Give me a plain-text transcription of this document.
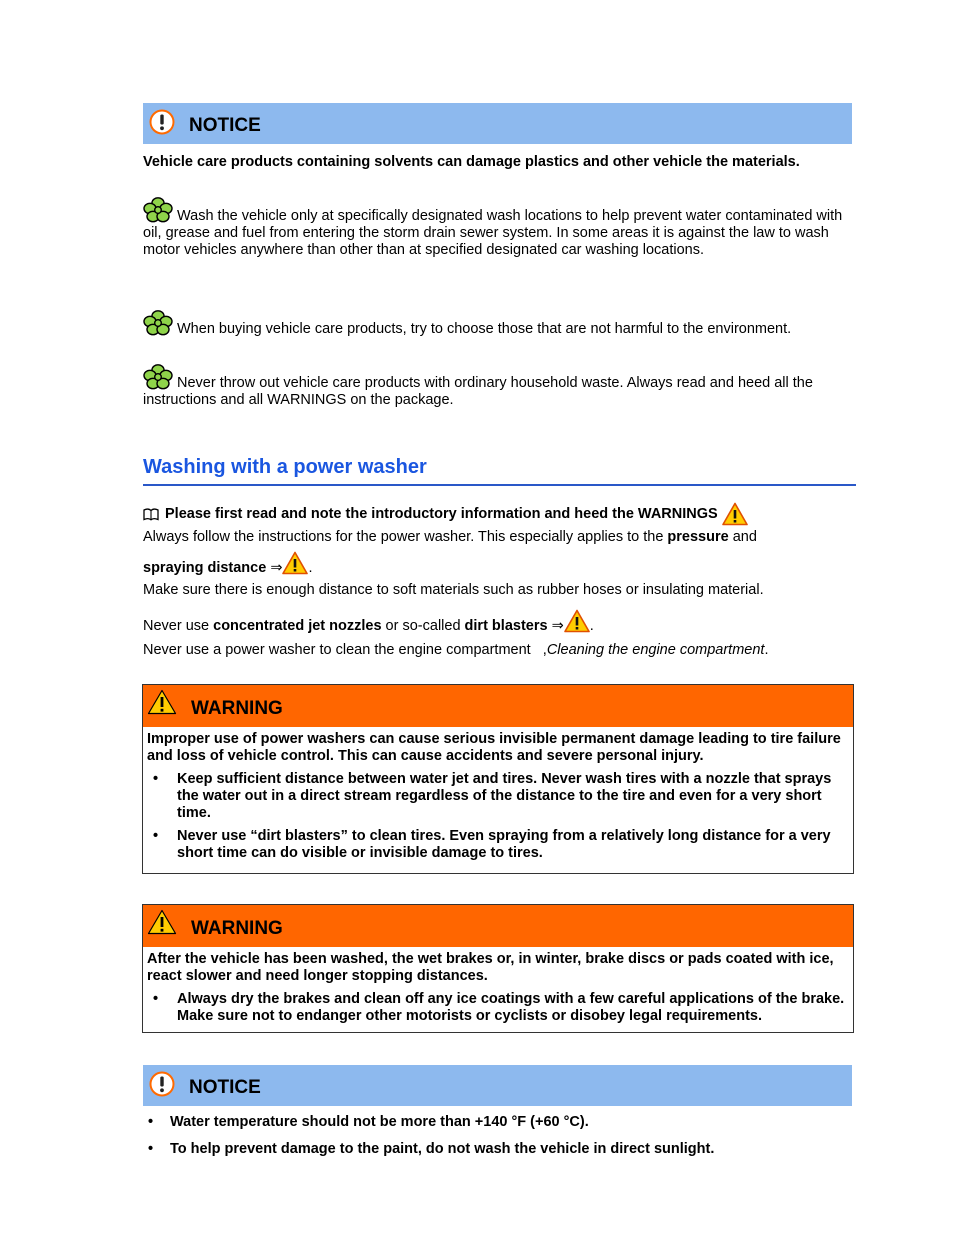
NOTICE
Vehicle care products containing solvents can damage plastics and other vehicle the materials.
Wash the vehicle only at specifically designated wash locations to help prevent water contaminated with oil, grease and fuel from entering the storm drain sewer system. In some areas it is against the law to wash motor vehicles anywhere than other than at specified designated car washing locations.
When buying vehicle care products, try to choose those that are not harmful to the environment.
Never throw out vehicle care products with ordinary household waste. Always read and heed all the instructions and all WARNINGS on the package.
Washing with a power washer
Please first read and note the introductory information and heed the WARNINGS
Always follow the instructions for the power washer. This especially applies to the pressure and
spraying distance ⇒ .
Make sure there is enough distance to soft materials such as rubber hoses or insulating material.
Never use concentrated jet nozzles or so-called dirt blasters ⇒ .
Never use a power washer to clean the engine compartment   ,Cleaning the engine compartment.
WARNING
Improper use of power washers can cause serious invisible permanent damage leading to tire failure and loss of vehicle control. This can cause accidents and severe personal injury.
•	Keep sufficient distance between water jet and tires. Never wash tires with a nozzle that sprays the water out in a direct stream regardless of the distance to the tire and even for a very short time.
•	Never use “dirt blasters” to clean tires. Even spraying from a relatively long distance for a very short time can do visible or invisible damage to tires.
WARNING
After the vehicle has been washed, the wet brakes or, in winter, brake discs or pads coated with ice, react slower and need longer stopping distances.
•	Always dry the brakes and clean off any ice coatings with a few careful applications of the brake. Make sure not to endanger other motorists or cyclists or disobey legal requirements.
NOTICE
•	Water temperature should not be more than +140 °F (+60 °C).
•	To help prevent damage to the paint, do not wash the vehicle in direct sunlight.
